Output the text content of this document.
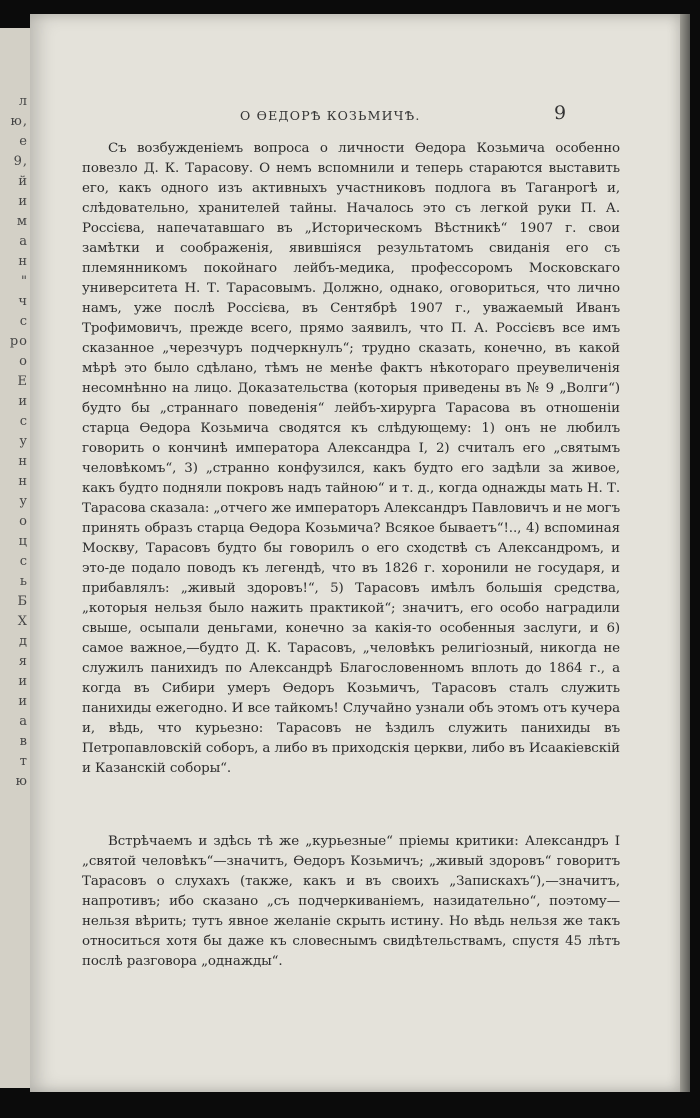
л
ю,
е
9,
й
и
м
а
н
"
ч
с
ро
о
Е
и
с
у
н
н
у
о
ц
с
ь
Б
Х
д
я
и
и
а
в
т
ю
О ѲЕДОРѢ КОЗЬМИЧѢ.	9

Съ возбужденіемъ вопроса о личности Ѳедора Козьмича особенно повезло Д. К. Тарасову. О немъ вспомнили и теперь стараются выставить его, какъ одного изъ активныхъ участниковъ подлога въ Таганрогѣ и, слѣдовательно, хранителей тайны. Началось это съ легкой руки П. А. Россієва, напечатавшаго въ „Историческомъ Вѣстникѣ“ 1907 г. свои замѣтки и соображенія, явившіяся результатомъ свиданія его съ племянникомъ покойнаго лейбъ-медика, профессоромъ Московскаго университета Н. Т. Тарасовымъ. Должно, однако, оговориться, что лично намъ, уже послѣ Россієва, въ Сентябрѣ 1907 г., уважаемый Иванъ Трофимовичъ, прежде всего, прямо заявилъ, что П. А. Россієвъ все имъ сказанное „черезчуръ подчеркнулъ“; трудно сказать, конечно, въ какой мѣрѣ это было сдѣлано, тѣмъ не менѣе фактъ нѣкотораго преувеличенія несомнѣнно на лицо. Доказательства (которыя приведены въ № 9 „Волги“) будто бы „страннаго поведенія“ лейбъ-хирурга Тарасова въ отношеніи старца Ѳедора Козьмича сводятся къ слѣдующему: 1) онъ не любилъ говорить о кончинѣ императора Александра I, 2) считалъ его „святымъ человѣкомъ“, 3) „странно конфузился, какъ будто его задѣли за живое, какъ будто подняли покровъ надъ тайною“ и т. д., когда однажды мать Н. Т. Тарасова сказала: „отчего же императоръ Александръ Павловичъ и не могъ принять образъ старца Ѳедора Козьмича? Всякое бываетъ“!.., 4) вспоминая Москву, Тарасовъ будто бы говорилъ о его сходствѣ съ Александромъ, и это-де подало поводъ къ легендѣ, что въ 1826 г. хоронили не государя, и прибавлялъ: „живый здоровъ!“, 5) Тарасовъ имѣлъ большія средства, „которыя нельзя было нажить практикой“; значитъ, его особо наградили свыше, осыпали деньгами, конечно за какія-то особенныя заслуги, и 6) самое важное,—будто Д. К. Тарасовъ, „человѣкъ религіозный, никогда не служилъ панихидъ по Александрѣ Благословенномъ вплоть до 1864 г., а когда въ Сибири умеръ Ѳедоръ Козьмичъ, Тарасовъ сталъ служить панихиды ежегодно. И все тайкомъ! Случайно узнали объ этомъ отъ кучера и, вѣдь, что курьезно: Тарасовъ не ѣздилъ служить панихиды въ Петропавловскій соборъ, а либо въ приходскія церкви, либо въ Исаакіевскій и Казанскій соборы“.

Встрѣчаемъ и здѣсь тѣ же „курьезные“ пріемы критики: Александръ I „святой человѣкъ“—значитъ, Ѳедоръ Козьмичъ; „живый здоровъ“ говоритъ Тарасовъ о слухахъ (также, какъ и въ своихъ „Запискахъ“),—значитъ, напротивъ; ибо сказано „съ подчеркиваніемъ, назидательно“, поэтому—нельзя вѣрить; тутъ явное желаніе скрыть истину. Но вѣдь нельзя же такъ относиться хотя бы даже къ словеснымъ свидѣтельствамъ, спустя 45 лѣтъ послѣ разговора „однажды“.
